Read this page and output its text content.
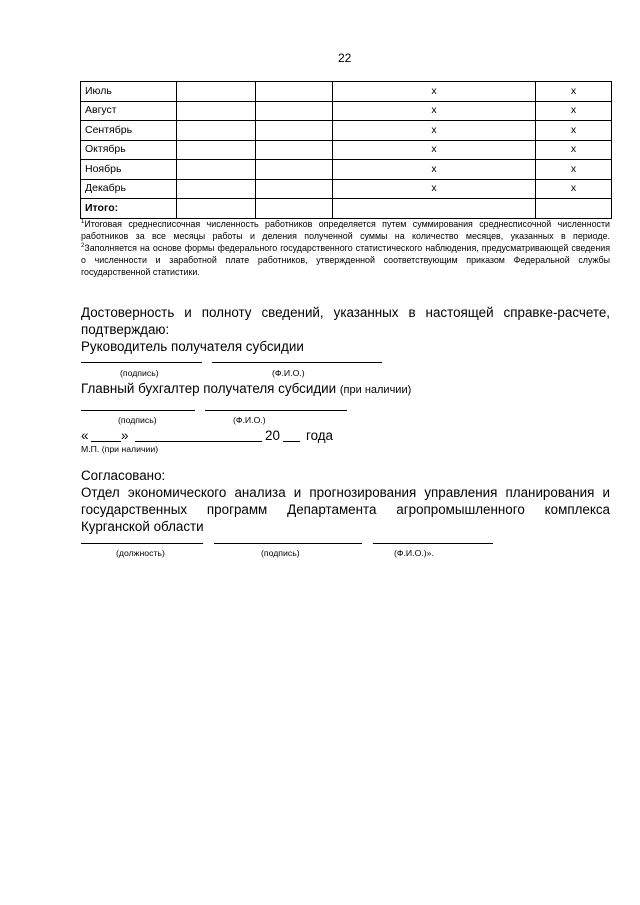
22
Июль			x	x
Август			x	x
Сентябрь			x	x
Октябрь			x	x
Ноябрь			x	x
Декабрь			x	x
Итого:				

$^1$Итоговая среднесписочная численность работников определяется путем суммирования среднесписочной численности работников за все месяцы работы и деления полученной суммы на количество месяцев, указанных в периоде.

$^2$Заполняется на основе формы федерального государственного статистического наблюдения, предусматривающей сведения о численности и заработной плате работников, утвержденной соответствующим приказом Федеральной службы государственной статистики.

Достоверность и полноту сведений, указанных в настоящей справке-расчете, подтверждаю:
Руководитель получателя субсидии
(подпись)	(Ф.И.О.)
Главный бухгалтер получателя субсидии (при наличии)
(подпись)	(Ф.И.О.)
« »	20 года
М.П. (при наличии)
Согласовано:
Отдел экономического анализа и прогнозирования управления планирования и государственных программ Департамента агропромышленного комплекса Курганской области
(должность)	(подпись)	(Ф.И.О.)».
